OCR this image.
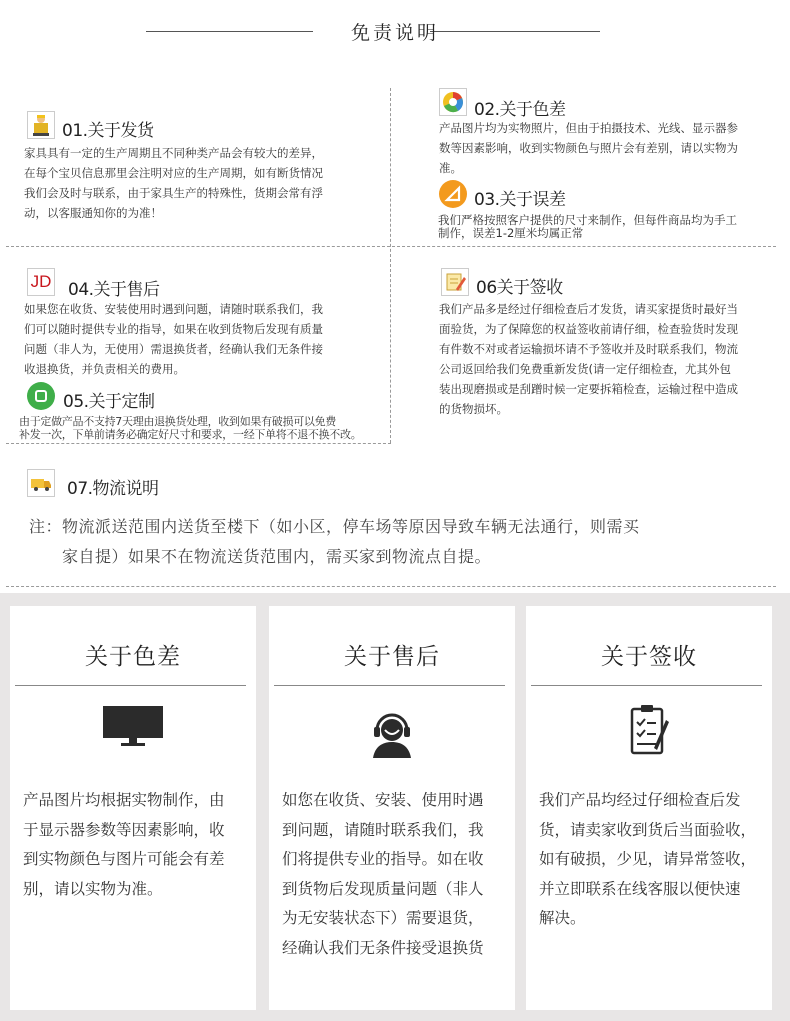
免责说明
01.关于发货
家具具有一定的生产周期且不同种类产品会有较大的差异，
在每个宝贝信息那里会注明对应的生产周期，如有断货情况
我们会及时与联系，由于家具生产的特殊性，货期会常有浮
动，以客服通知你的为准！
02.关于色差
产品图片均为实物照片，但由于拍摄技术、光线、显示器参
数等因素影响，收到实物颜色与照片会有差别，请以实物为
准。
03.关于误差
我们严格按照客户提供的尺寸来制作，但每件商品均为手工
制作，误差1-2厘米均属正常
JD 04.关于售后
如果您在收货、安装使用时遇到问题，请随时联系我们，我
们可以随时提供专业的指导，如果在收到货物后发现有质量
问题（非人为，无使用）需退换货者，经确认我们无条件接
收退换货，并负责相关的费用。
05.关于定制
由于定做产品不支持7天理由退换货处理，收到如果有破损可以免费
补发一次，下单前请务必确定好尺寸和要求，一经下单将不退不换不改。
06关于签收
我们产品多是经过仔细检查后才发货，请买家提货时最好当
面验货，为了保障您的权益签收前请仔细，检查验货时发现
有件数不对或者运输损坏请不予签收并及时联系我们，物流
公司返回给我们免费重新发货(请一定仔细检查，尤其外包
装出现磨损或是刮蹭时候一定要拆箱检查，运输过程中造成
的货物损坏。
07.物流说明
注：物流派送范围内送货至楼下（如小区，停车场等原因导致车辆无法通行，则需买
家自提）如果不在物流送货范围内，需买家到物流点自提。
关于色差
产品图片均根据实物制作，由
于显示器参数等因素影响，收
到实物颜色与图片可能会有差
别，请以实物为准。
关于售后
如您在收货、安装、使用时遇
到问题，请随时联系我们，我
们将提供专业的指导。如在收
到货物后发现质量问题（非人
为无安装状态下）需要退货，
经确认我们无条件接受退换货
关于签收
我们产品均经过仔细检查后发
货，请卖家收到货后当面验收，
如有破损，少见，请异常签收，
并立即联系在线客服以便快速
解决。
